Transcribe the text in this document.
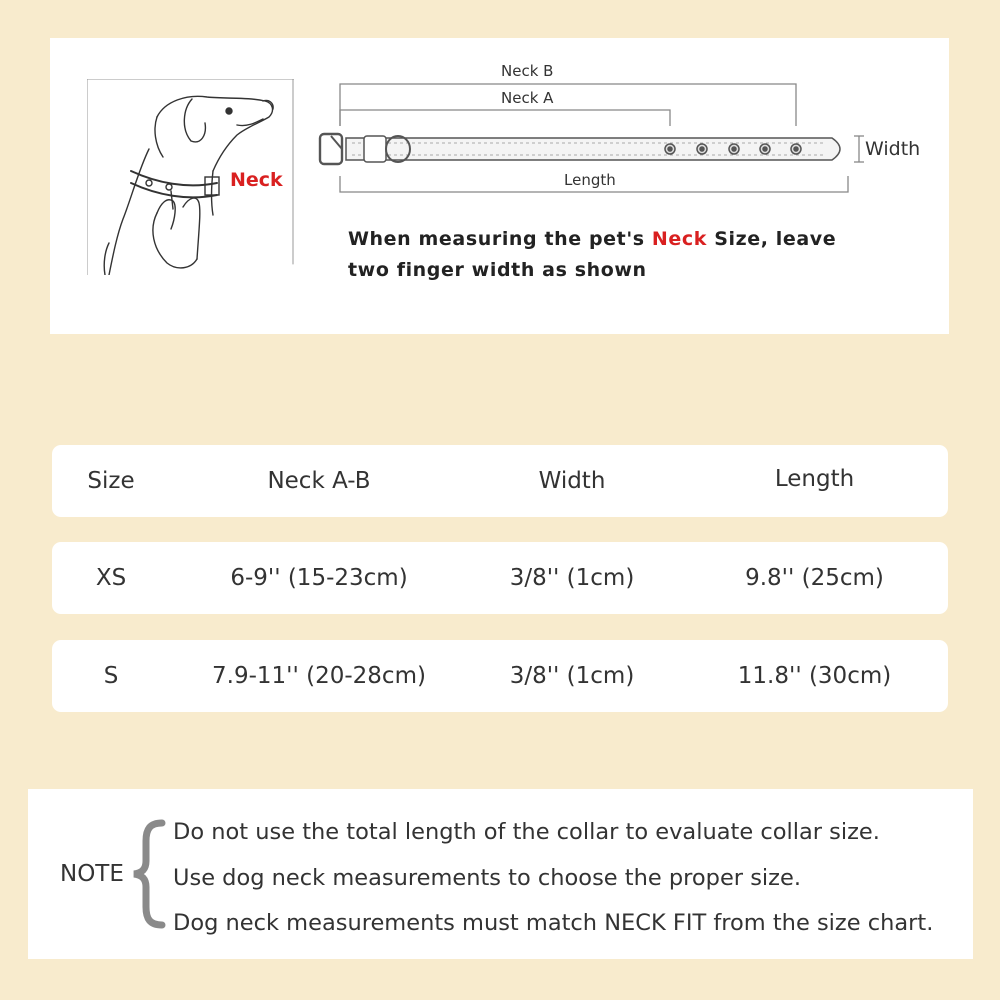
Neck
Neck B
Neck A
Length
Width
When measuring the pet's Neck Size, leave
two finger width as shown
Size	Neck A-B	Width	Length
XS	6-9'' (15-23cm)	3/8'' (1cm)	9.8'' (25cm)
S	7.9-11'' (20-28cm)	3/8'' (1cm)	11.8'' (30cm)
NOTE
Do not use the total length of the collar to evaluate collar size.
Use dog neck measurements to choose the proper size.
Dog neck measurements must match NECK FIT from the size chart.
